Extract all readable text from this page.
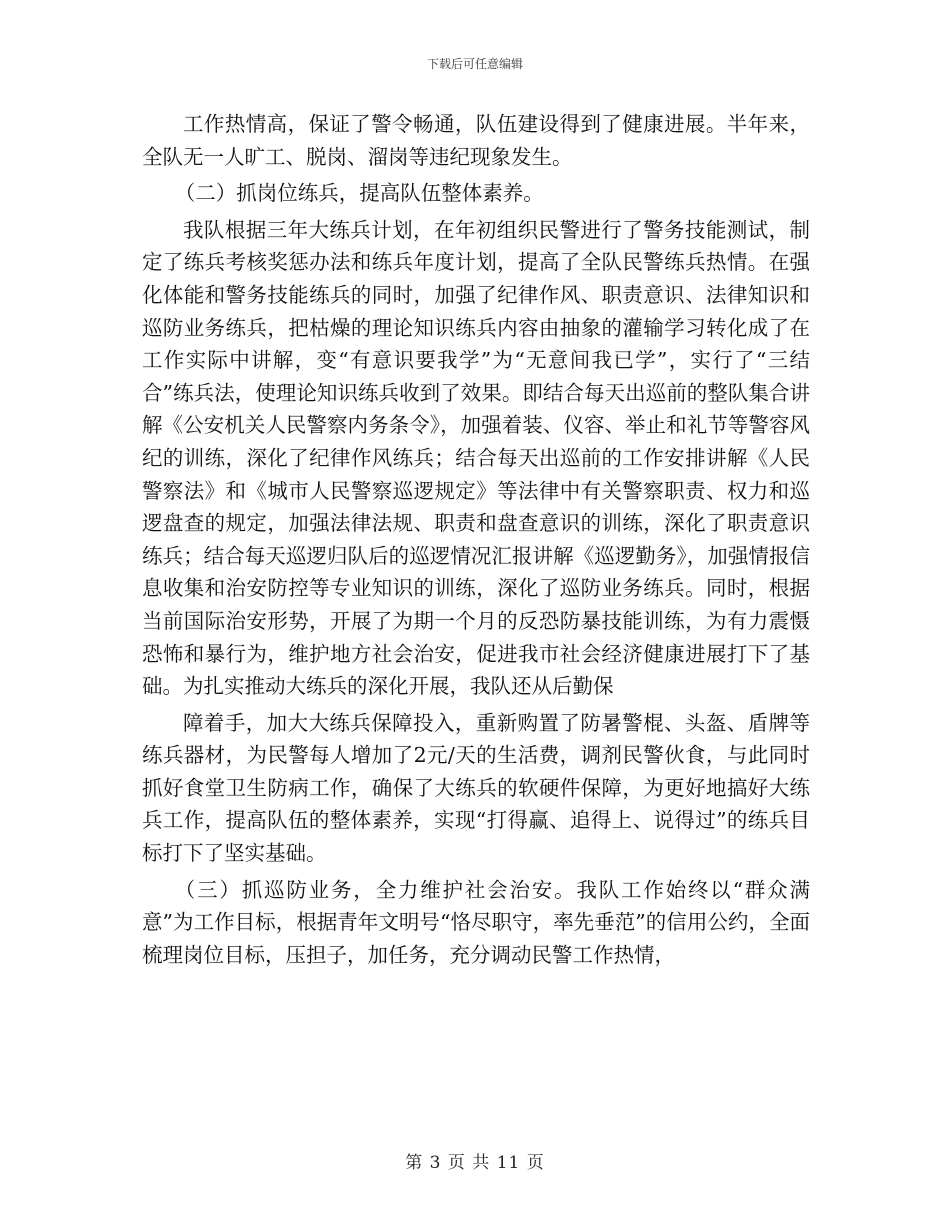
下载后可任意编辑

工作热情高，保证了警令畅通，队伍建设得到了健康进展。半年来，全队无一人旷工、脱岗、溜岗等违纪现象发生。

（二）抓岗位练兵，提高队伍整体素养。

我队根据三年大练兵计划，在年初组织民警进行了警务技能测试，制定了练兵考核奖惩办法和练兵年度计划，提高了全队民警练兵热情。在强化体能和警务技能练兵的同时，加强了纪律作风、职责意识、法律知识和巡防业务练兵，把枯燥的理论知识练兵内容由抽象的灌输学习转化成了在工作实际中讲解，变“有意识要我学”为“无意间我已学”，实行了“三结合”练兵法，使理论知识练兵收到了效果。即结合每天出巡前的整队集合讲解《公安机关人民警察内务条令》，加强着装、仪容、举止和礼节等警容风纪的训练，深化了纪律作风练兵；结合每天出巡前的工作安排讲解《人民警察法》和《城市人民警察巡逻规定》等法律中有关警察职责、权力和巡逻盘查的规定，加强法律法规、职责和盘查意识的训练，深化了职责意识练兵；结合每天巡逻归队后的巡逻情况汇报讲解《巡逻勤务》，加强情报信息收集和治安防控等专业知识的训练，深化了巡防业务练兵。同时，根据当前国际治安形势，开展了为期一个月的反恐防暴技能训练，为有力震慑恐怖和暴行为，维护地方社会治安，促进我市社会经济健康进展打下了基础。为扎实推动大练兵的深化开展，我队还从后勤保

障着手，加大大练兵保障投入，重新购置了防暑警棍、头盔、盾牌等练兵器材，为民警每人增加了2元/天的生活费，调剂民警伙食，与此同时抓好食堂卫生防病工作，确保了大练兵的软硬件保障，为更好地搞好大练兵工作，提高队伍的整体素养，实现“打得赢、追得上、说得过”的练兵目标打下了坚实基础。

（三）抓巡防业务，全力维护社会治安。我队工作始终以“群众满意”为工作目标，根据青年文明号“恪尽职守，率先垂范”的信用公约，全面梳理岗位目标，压担子，加任务，充分调动民警工作热情，

第 3 页 共 11 页
